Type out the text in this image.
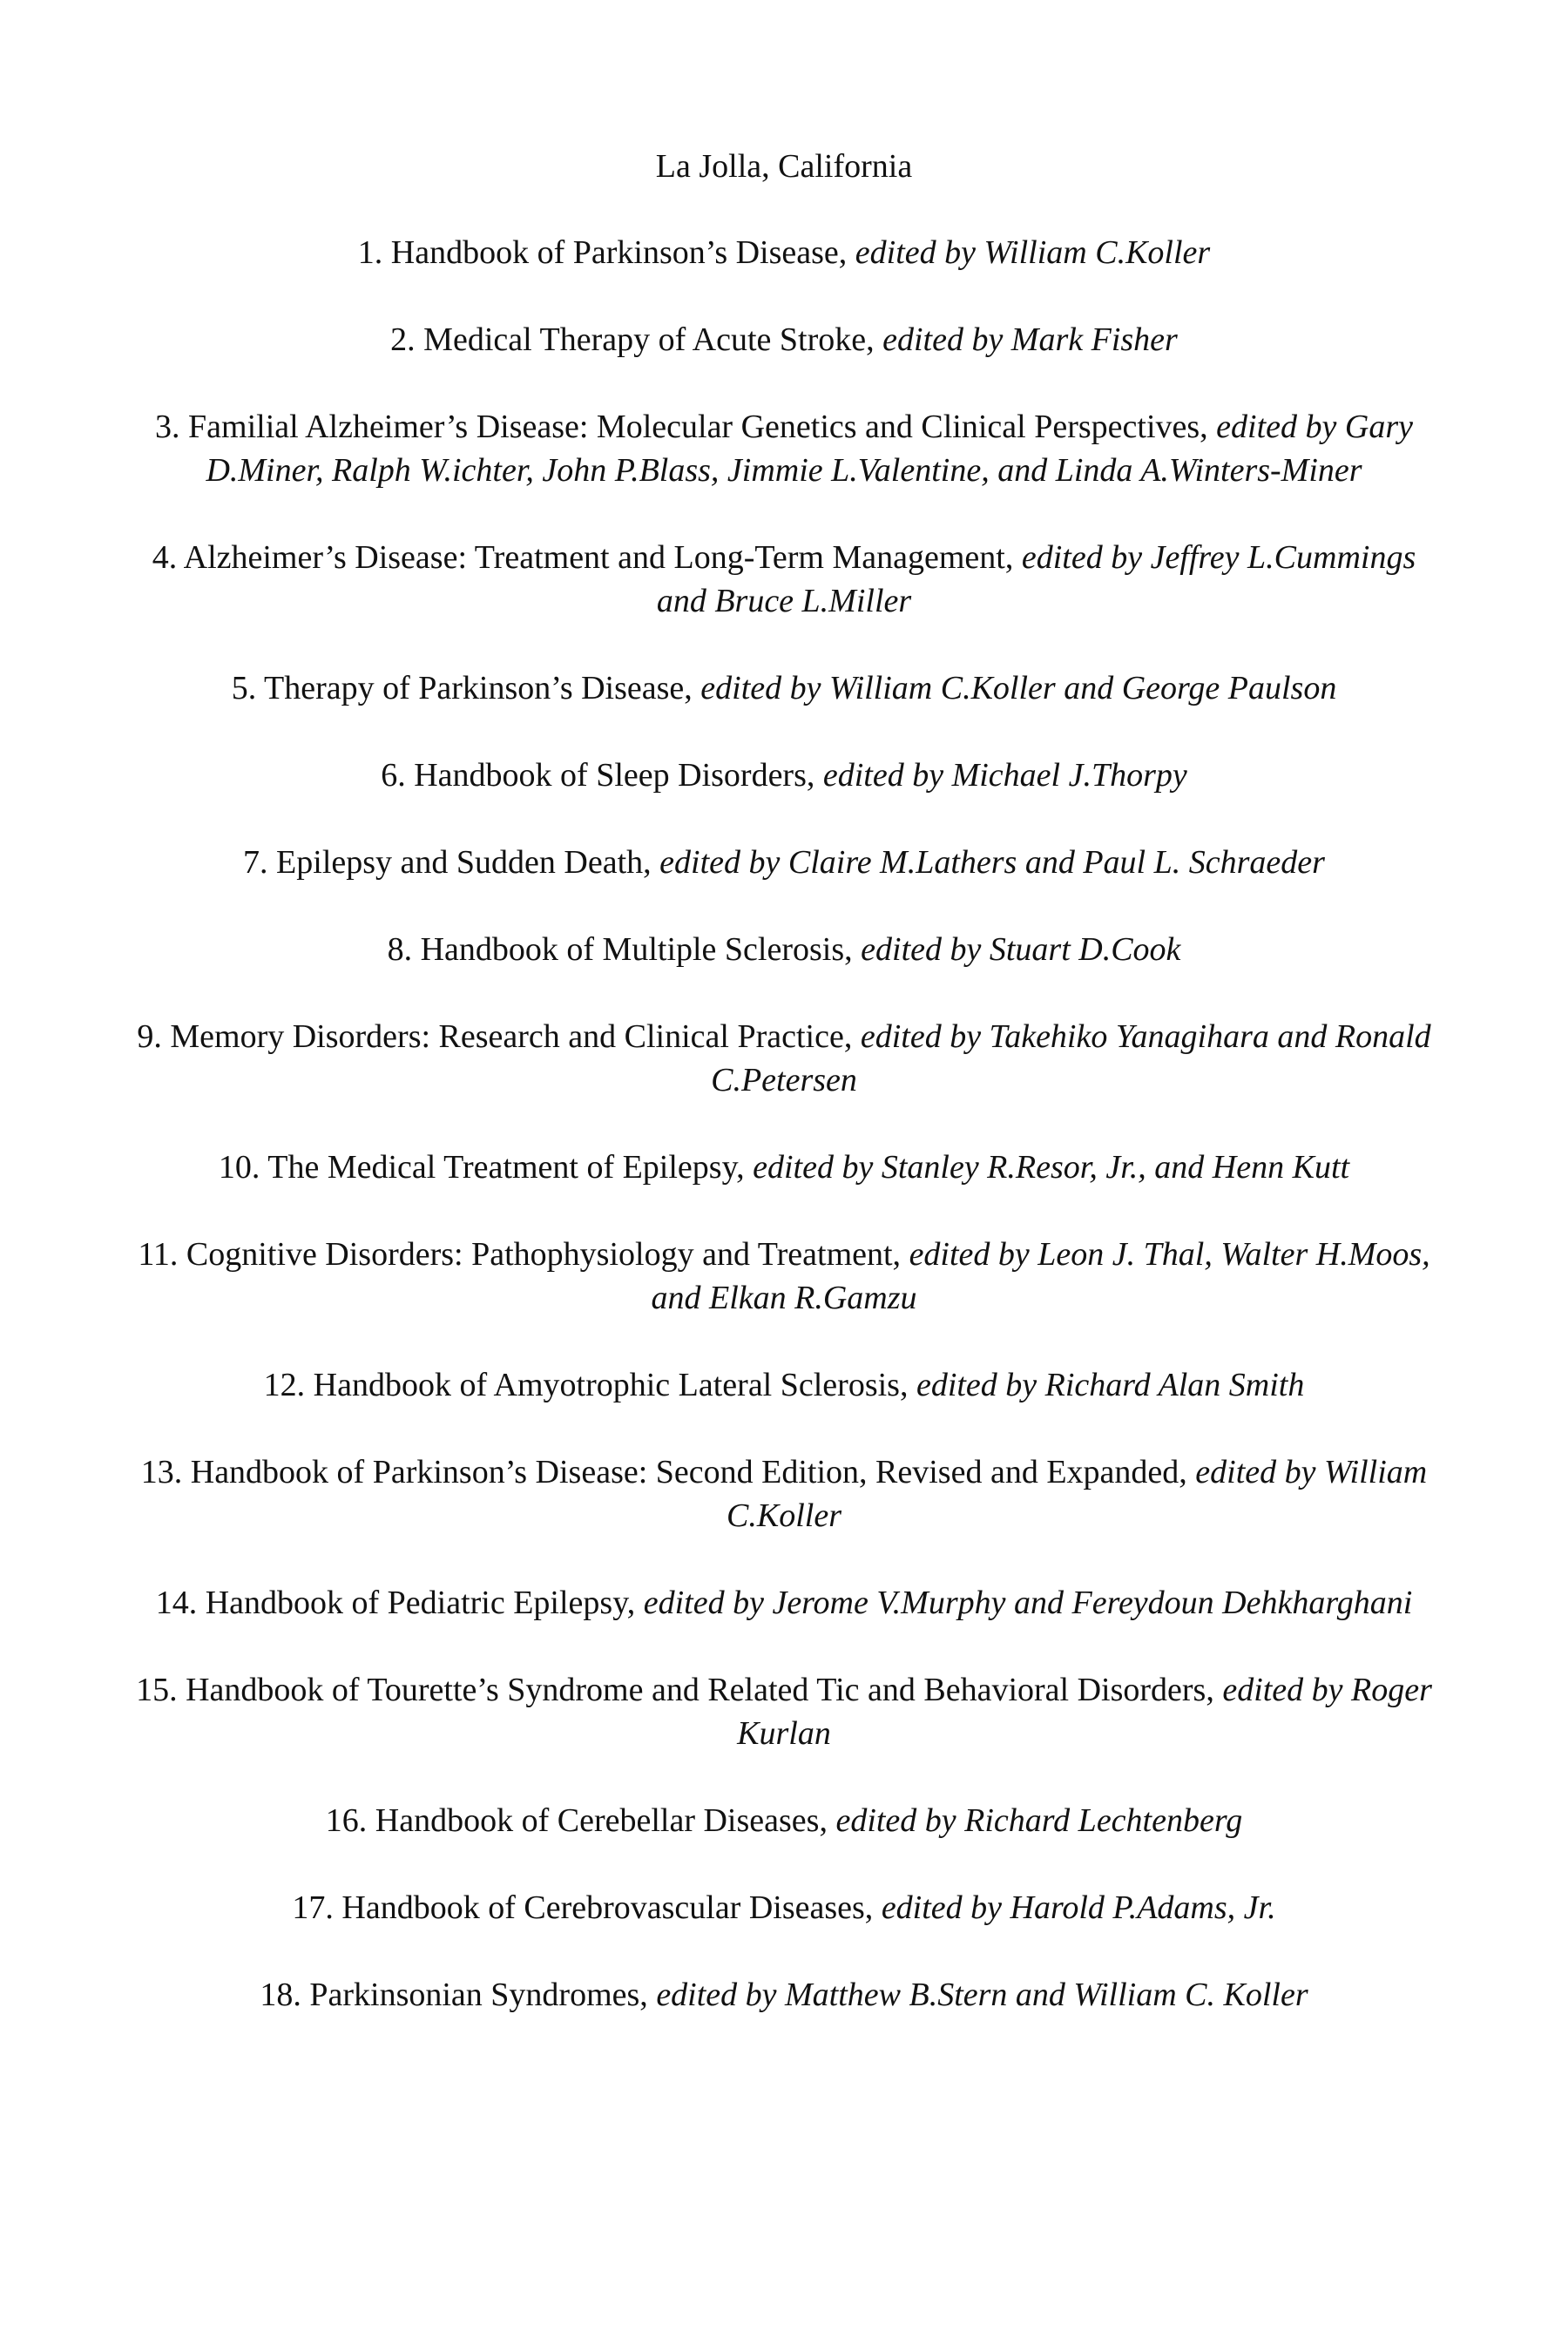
La Jolla, California

1. Handbook of Parkinson’s Disease, edited by William C.Koller

2. Medical Therapy of Acute Stroke, edited by Mark Fisher

3. Familial Alzheimer’s Disease: Molecular Genetics and Clinical Perspectives, edited by Gary D.Miner, Ralph W.ichter, John P.Blass, Jimmie L.Valentine, and Linda A.Winters-Miner

4. Alzheimer’s Disease: Treatment and Long-Term Management, edited by Jeffrey L.Cummings and Bruce L.Miller

5. Therapy of Parkinson’s Disease, edited by William C.Koller and George Paulson

6. Handbook of Sleep Disorders, edited by Michael J.Thorpy

7. Epilepsy and Sudden Death, edited by Claire M.Lathers and Paul L. Schraeder

8. Handbook of Multiple Sclerosis, edited by Stuart D.Cook

9. Memory Disorders: Research and Clinical Practice, edited by Takehiko Yanagihara and Ronald C.Petersen

10. The Medical Treatment of Epilepsy, edited by Stanley R.Resor, Jr., and Henn Kutt

11. Cognitive Disorders: Pathophysiology and Treatment, edited by Leon J. Thal, Walter H.Moos, and Elkan R.Gamzu

12. Handbook of Amyotrophic Lateral Sclerosis, edited by Richard Alan Smith

13. Handbook of Parkinson’s Disease: Second Edition, Revised and Expanded, edited by William C.Koller

14. Handbook of Pediatric Epilepsy, edited by Jerome V.Murphy and Fereydoun Dehkharghani

15. Handbook of Tourette’s Syndrome and Related Tic and Behavioral Disorders, edited by Roger Kurlan

16. Handbook of Cerebellar Diseases, edited by Richard Lechtenberg

17. Handbook of Cerebrovascular Diseases, edited by Harold P.Adams, Jr.

18. Parkinsonian Syndromes, edited by Matthew B.Stern and William C. Koller
